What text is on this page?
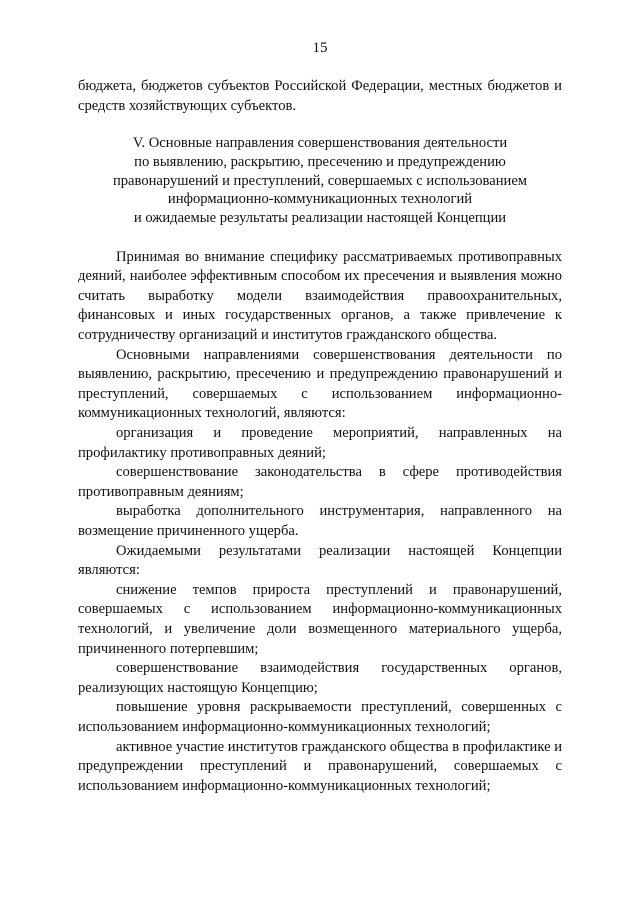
15

бюджета, бюджетов субъектов Российской Федерации, местных бюджетов и средств хозяйствующих субъектов.

V. Основные направления совершенствования деятельности
по выявлению, раскрытию, пресечению и предупреждению
правонарушений и преступлений, совершаемых с использованием
информационно-коммуникационных технологий
и ожидаемые результаты реализации настоящей Концепции

Принимая во внимание специфику рассматриваемых противоправных деяний, наиболее эффективным способом их пресечения и выявления можно считать выработку модели взаимодействия правоохранительных, финансовых и иных государственных органов, а также привлечение к сотрудничеству организаций и институтов гражданского общества.

Основными направлениями совершенствования деятельности по выявлению, раскрытию, пресечению и предупреждению правонарушений и преступлений, совершаемых с использованием информационно-коммуникационных технологий, являются:

организация и проведение мероприятий, направленных на профилактику противоправных деяний;

совершенствование законодательства в сфере противодействия противоправным деяниям;

выработка дополнительного инструментария, направленного на возмещение причиненного ущерба.

Ожидаемыми результатами реализации настоящей Концепции являются:

снижение темпов прироста преступлений и правонарушений, совершаемых с использованием информационно-коммуникационных технологий, и увеличение доли возмещенного материального ущерба, причиненного потерпевшим;

совершенствование взаимодействия государственных органов, реализующих настоящую Концепцию;

повышение уровня раскрываемости преступлений, совершенных с использованием информационно-коммуникационных технологий;

активное участие институтов гражданского общества в профилактике и предупреждении преступлений и правонарушений, совершаемых с использованием информационно-коммуникационных технологий;
